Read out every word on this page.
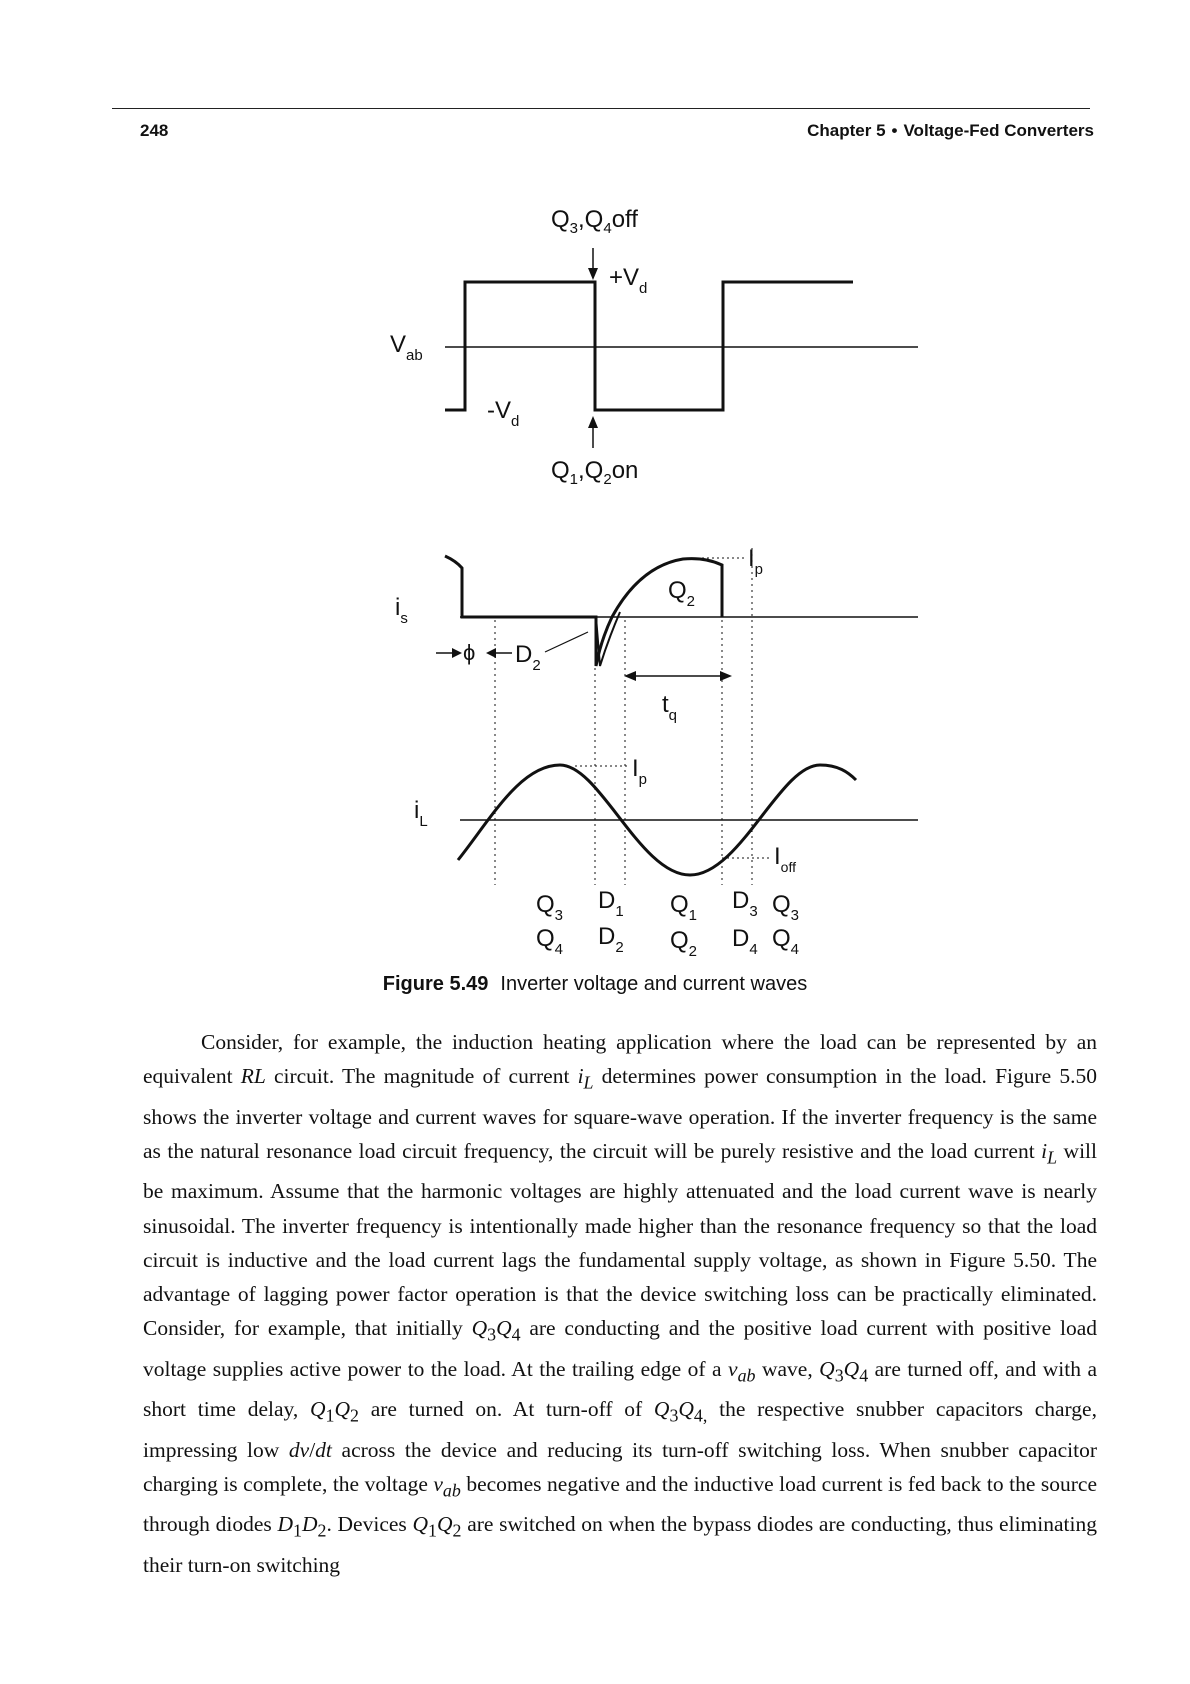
248	Chapter 5 • Voltage-Fed Converters
$Q_3,Q_4off$
$+V_d$
$V_{ab}$
$-V_d$
$Q_1,Q_2on$
$I_p$
$Q_2$
$i_s$
ϕ $D_2$
$t_q$
$i_L$
$I_p$
$I_{off}$
$Q_3$
$D_1$ $Q_1$
$D_3$ $Q_3$
$Q_4$ $D_2$ $Q_2$ $D_4$ $Q_4$
Figure 5.49 Inverter voltage and current waves

Consider, for example, the induction heating application where the load can be represented by an equivalent RL circuit. The magnitude of current $i_L$ determines power consumption in the load. Figure 5.50 shows the inverter voltage and current waves for square-wave operation. If the inverter frequency is the same as the natural resonance load circuit frequency, the circuit will be purely resistive and the load current $i_L$ will be maximum. Assume that the harmonic voltages are highly attenuated and the load current wave is nearly sinusoidal. The inverter frequency is intentionally made higher than the resonance frequency so that the load circuit is inductive and the load current lags the fundamental supply voltage, as shown in Figure 5.50. The advantage of lagging power factor operation is that the device switching loss can be practically eliminated. Consider, for example, that initially $Q_3Q_4$ are conducting and the positive load current with positive load voltage supplies active power to the load. At the trailing edge of a $v_{ab}$ wave, $Q_3Q_4$ are turned off, and with a short time delay, $Q_1Q_2$ are turned on. At turn-off of $Q_3Q_{4,}$ the respective snubber capacitors charge, impressing low dv/dt across the device and reducing its turn-off switching loss. When snubber capacitor charging is complete, the voltage $v_{ab}$ becomes negative and the inductive load current is fed back to the source through diodes $D_1D_2$. Devices $Q_1Q_2$ are switched on when the bypass diodes are conducting, thus eliminating their turn-on switching
